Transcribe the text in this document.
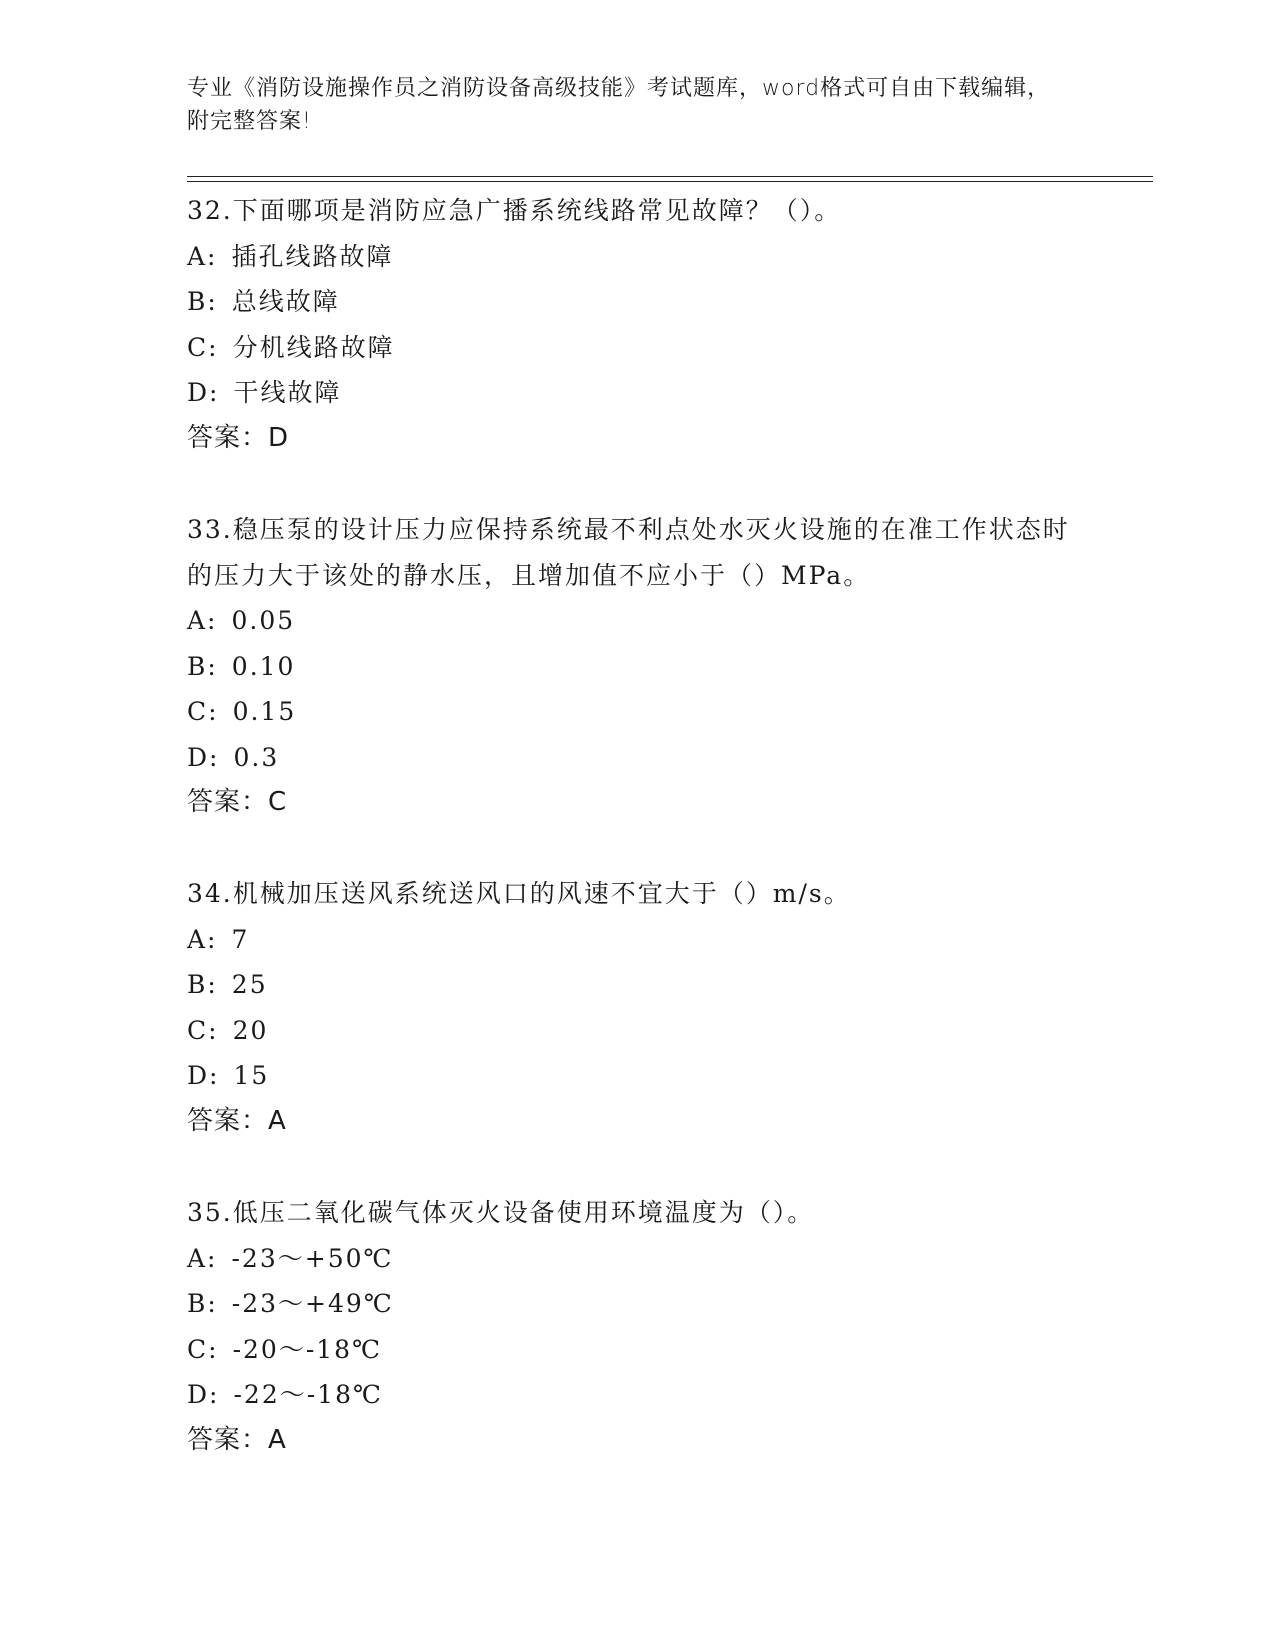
专业《消防设施操作员之消防设备高级技能》考试题库，word格式可自由下载编辑，附完整答案!

32.下面哪项是消防应急广播系统线路常见故障？（）。

A: 插孔线路故障
B: 总线故障
C: 分机线路故障
D: 干线故障
答案：D

33.稳压泵的设计压力应保持系统最不利点处水灭火设施的在准工作状态时的压力大于该处的静水压，且增加值不应小于（）MPa。

A: 0.05
B: 0.10
C: 0.15
D: 0.3
答案：C

34.机械加压送风系统送风口的风速不宜大于（）m/s。

A: 7
B: 25
C: 20
D: 15
答案：A

35.低压二氧化碳气体灭火设备使用环境温度为（）。

A: -23～+50℃
B: -23～+49℃
C: -20～-18℃
D: -22～-18℃
答案：A
